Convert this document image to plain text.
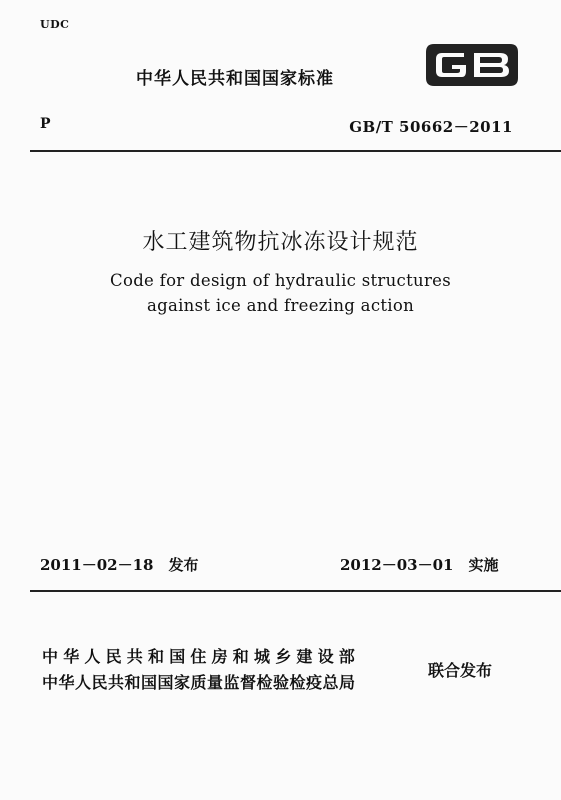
UDC
中华人民共和国国家标准
P	GB/T 50662－2011
水工建筑物抗冰冻设计规范
Code for design of hydraulic structures
against ice and freezing action
2011－02－18　发布	2012－03－01　实施
中华人民共和国住房和城乡建设部
中华人民共和国国家质量监督检验检疫总局
联合发布
